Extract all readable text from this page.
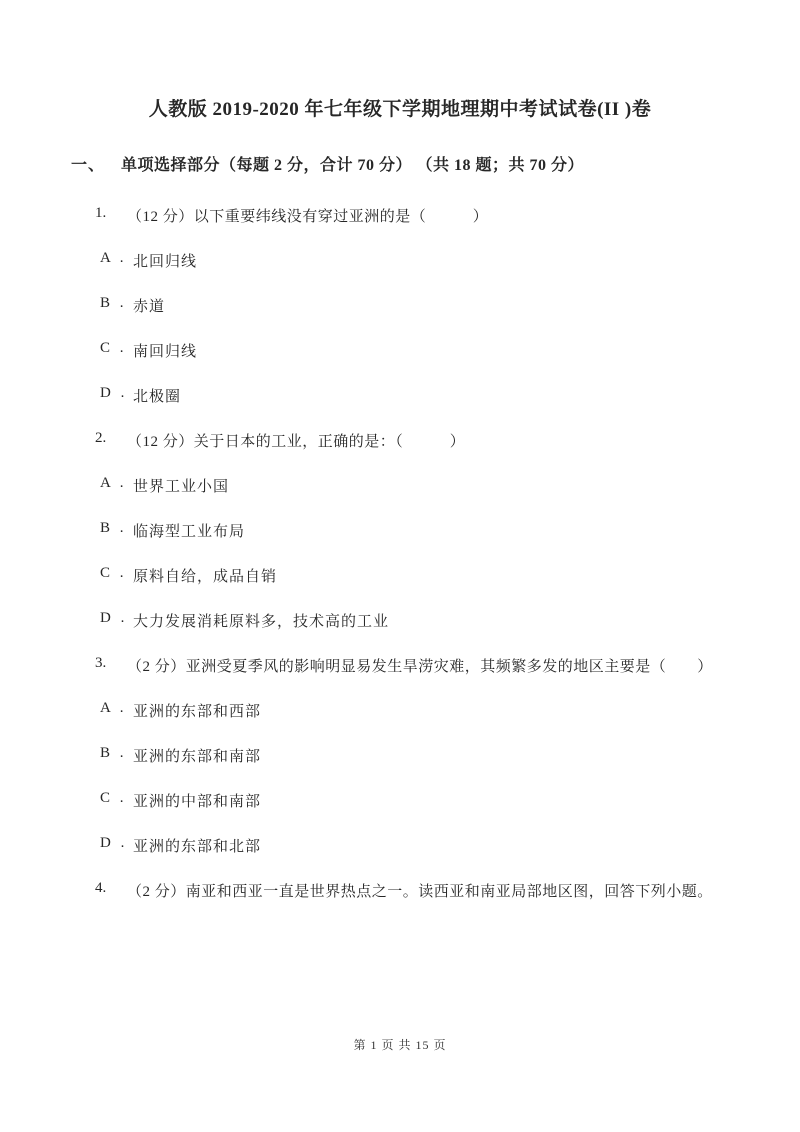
人教版 2019-2020 年七年级下学期地理期中考试试卷(II )卷
一、 单项选择部分（每题 2 分，合计 70 分） （共 18 题；共 70 分）
1. （12 分）以下重要纬线没有穿过亚洲的是（　　　）
A . 北回归线
B . 赤道
C . 南回归线
D . 北极圈
2. （12 分）关于日本的工业，正确的是：（　　　）
A . 世界工业小国
B . 临海型工业布局
C . 原料自给，成品自销
D . 大力发展消耗原料多，技术高的工业
3. （2 分）亚洲受夏季风的影响明显易发生旱涝灾难，其频繁多发的地区主要是（　　）
A . 亚洲的东部和西部
B . 亚洲的东部和南部
C . 亚洲的中部和南部
D . 亚洲的东部和北部
4. （2 分）南亚和西亚一直是世界热点之一。读西亚和南亚局部地区图，回答下列小题。
第 1 页 共 15 页
